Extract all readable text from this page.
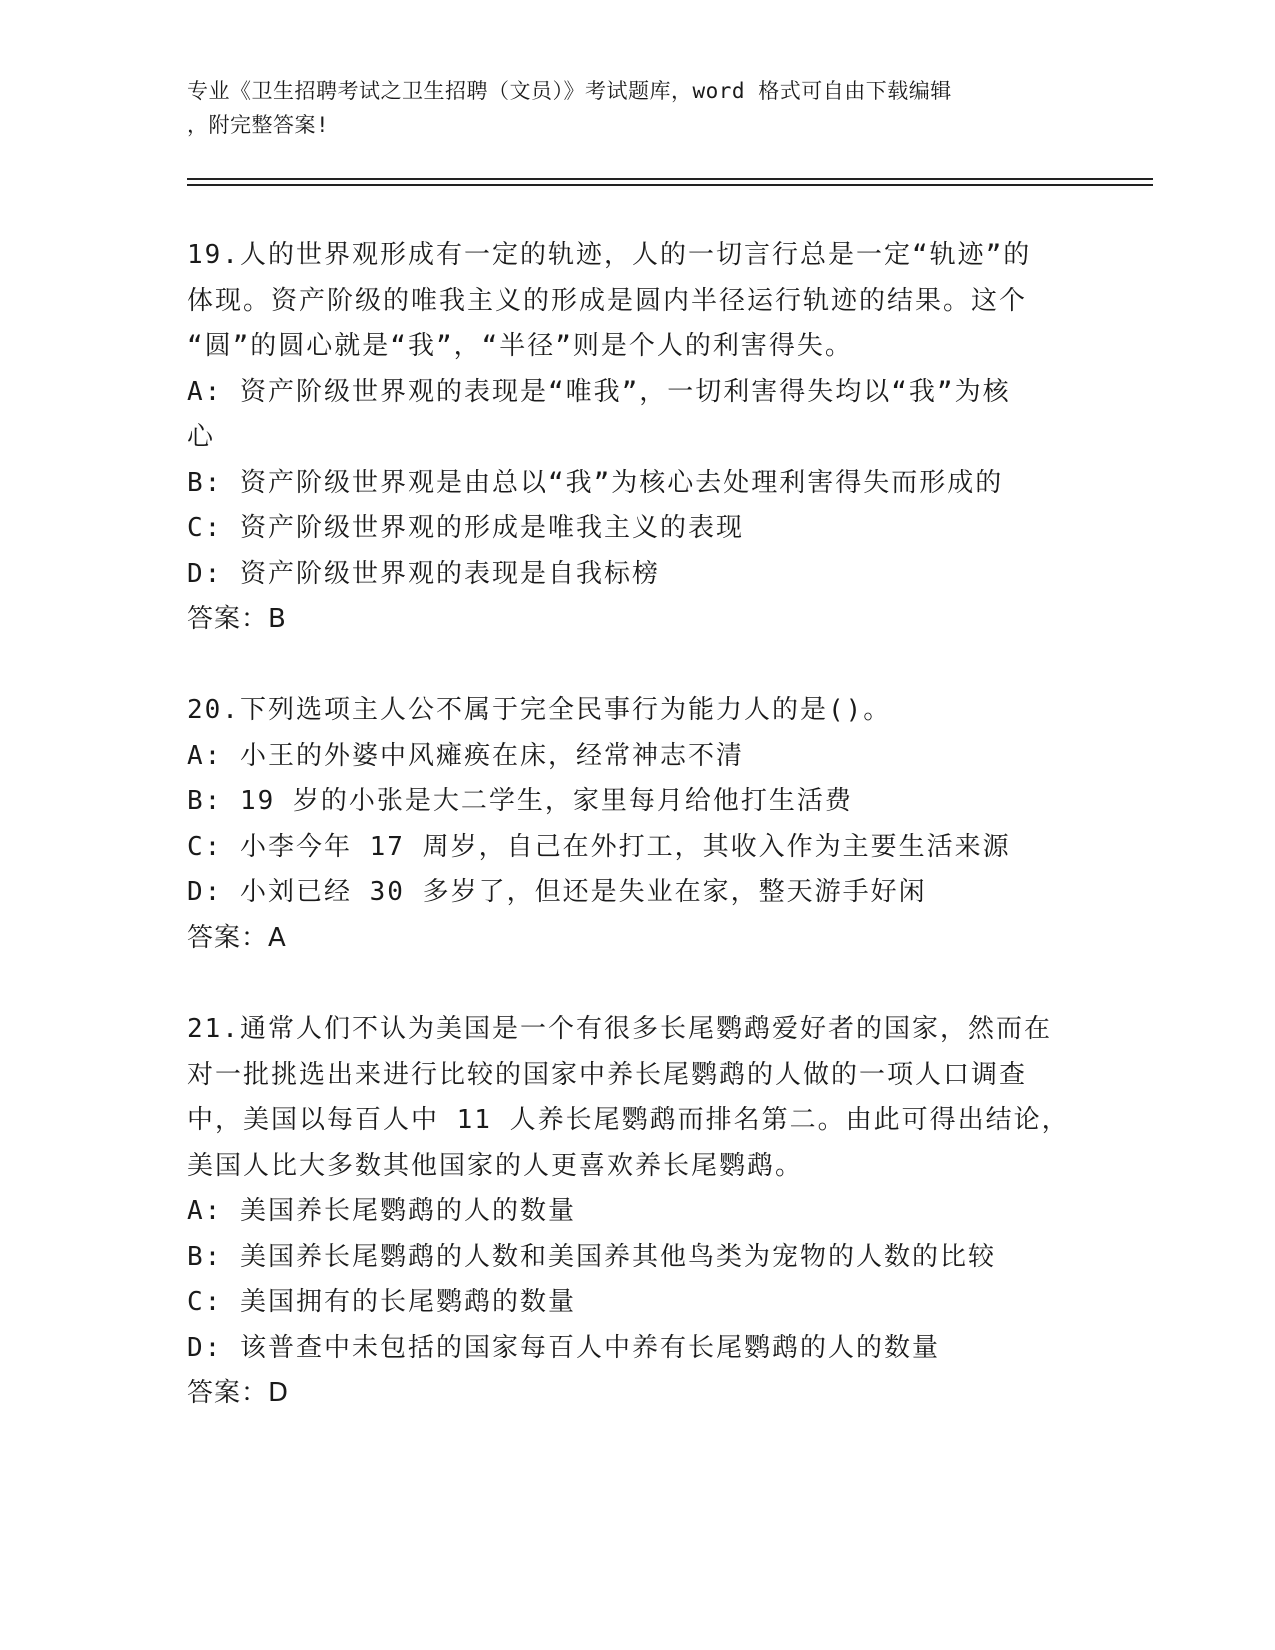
专业《卫生招聘考试之卫生招聘（文员）》考试题库，word 格式可自由下载编辑
，附完整答案!
19.人的世界观形成有一定的轨迹，人的一切言行总是一定“轨迹”的
体现。资产阶级的唯我主义的形成是圆内半径运行轨迹的结果。这个
“圆”的圆心就是“我”，“半径”则是个人的利害得失。
A: 资产阶级世界观的表现是“唯我”，一切利害得失均以“我”为核
心
B: 资产阶级世界观是由总以“我”为核心去处理利害得失而形成的
C: 资产阶级世界观的形成是唯我主义的表现
D: 资产阶级世界观的表现是自我标榜
答案：B
20.下列选项主人公不属于完全民事行为能力人的是()。
A: 小王的外婆中风瘫痪在床，经常神志不清
B: 19 岁的小张是大二学生，家里每月给他打生活费
C: 小李今年 17 周岁，自己在外打工，其收入作为主要生活来源
D: 小刘已经 30 多岁了，但还是失业在家，整天游手好闲
答案：A
21.通常人们不认为美国是一个有很多长尾鹦鹉爱好者的国家，然而在
对一批挑选出来进行比较的国家中养长尾鹦鹉的人做的一项人口调查
中，美国以每百人中 11 人养长尾鹦鹉而排名第二。由此可得出结论，
美国人比大多数其他国家的人更喜欢养长尾鹦鹉。
A: 美国养长尾鹦鹉的人的数量
B: 美国养长尾鹦鹉的人数和美国养其他鸟类为宠物的人数的比较
C: 美国拥有的长尾鹦鹉的数量
D: 该普查中未包括的国家每百人中养有长尾鹦鹉的人的数量
答案：D
